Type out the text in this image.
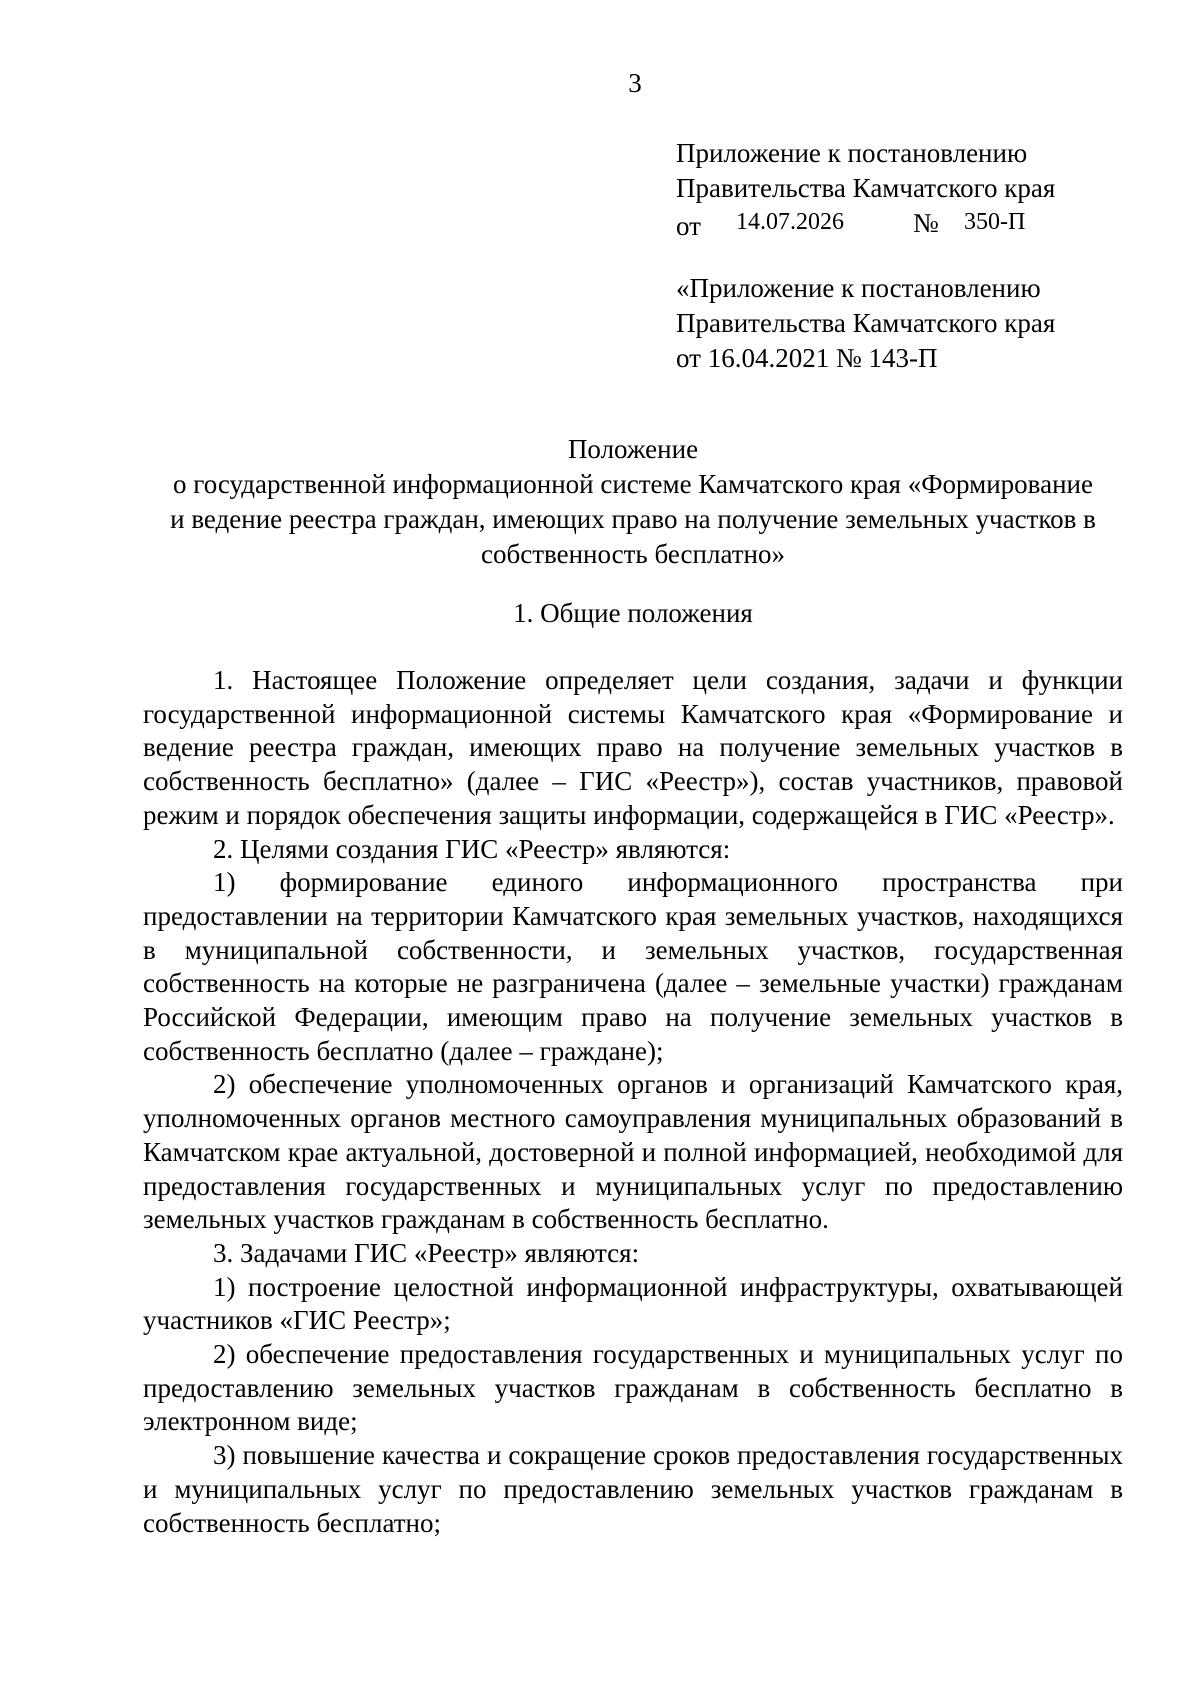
3
Приложение к постановлению
Правительства Камчатского края
от 14.07.2026	№ 350-П
«Приложение к постановлению
Правительства Камчатского края
от 16.04.2021 № 143-П
Положение
о государственной информационной системе Камчатского края «Формирование
и ведение реестра граждан, имеющих право на получение земельных участков в
собственность бесплатно»
1. Общие положения

1. Настоящее Положение определяет цели создания, задачи и функции государственной информационной системы Камчатского края «Формирование и ведение реестра граждан, имеющих право на получение земельных участков в собственность бесплатно» (далее – ГИС «Реестр»), состав участников, правовой режим и порядок обеспечения защиты информации, содержащейся в ГИС «Реестр».

2. Целями создания ГИС «Реестр» являются:

1) формирование единого информационного пространства при предоставлении на территории Камчатского края земельных участков, находящихся в муниципальной собственности, и земельных участков, государственная собственность на которые не разграничена (далее – земельные участки) гражданам Российской Федерации, имеющим право на получение земельных участков в собственность бесплатно (далее – граждане);

2) обеспечение уполномоченных органов и организаций Камчатского края, уполномоченных органов местного самоуправления муниципальных образований в Камчатском крае актуальной, достоверной и полной информацией, необходимой для предоставления государственных и муниципальных услуг по предоставлению земельных участков гражданам в собственность бесплатно.

3. Задачами ГИС «Реестр» являются:

1) построение целостной информационной инфраструктуры, охватывающей участников «ГИС Реестр»;

2) обеспечение предоставления государственных и муниципальных услуг по предоставлению земельных участков гражданам в собственность бесплатно в электронном виде;

3) повышение качества и сокращение сроков предоставления государственных и муниципальных услуг по предоставлению земельных участков гражданам в собственность бесплатно;
